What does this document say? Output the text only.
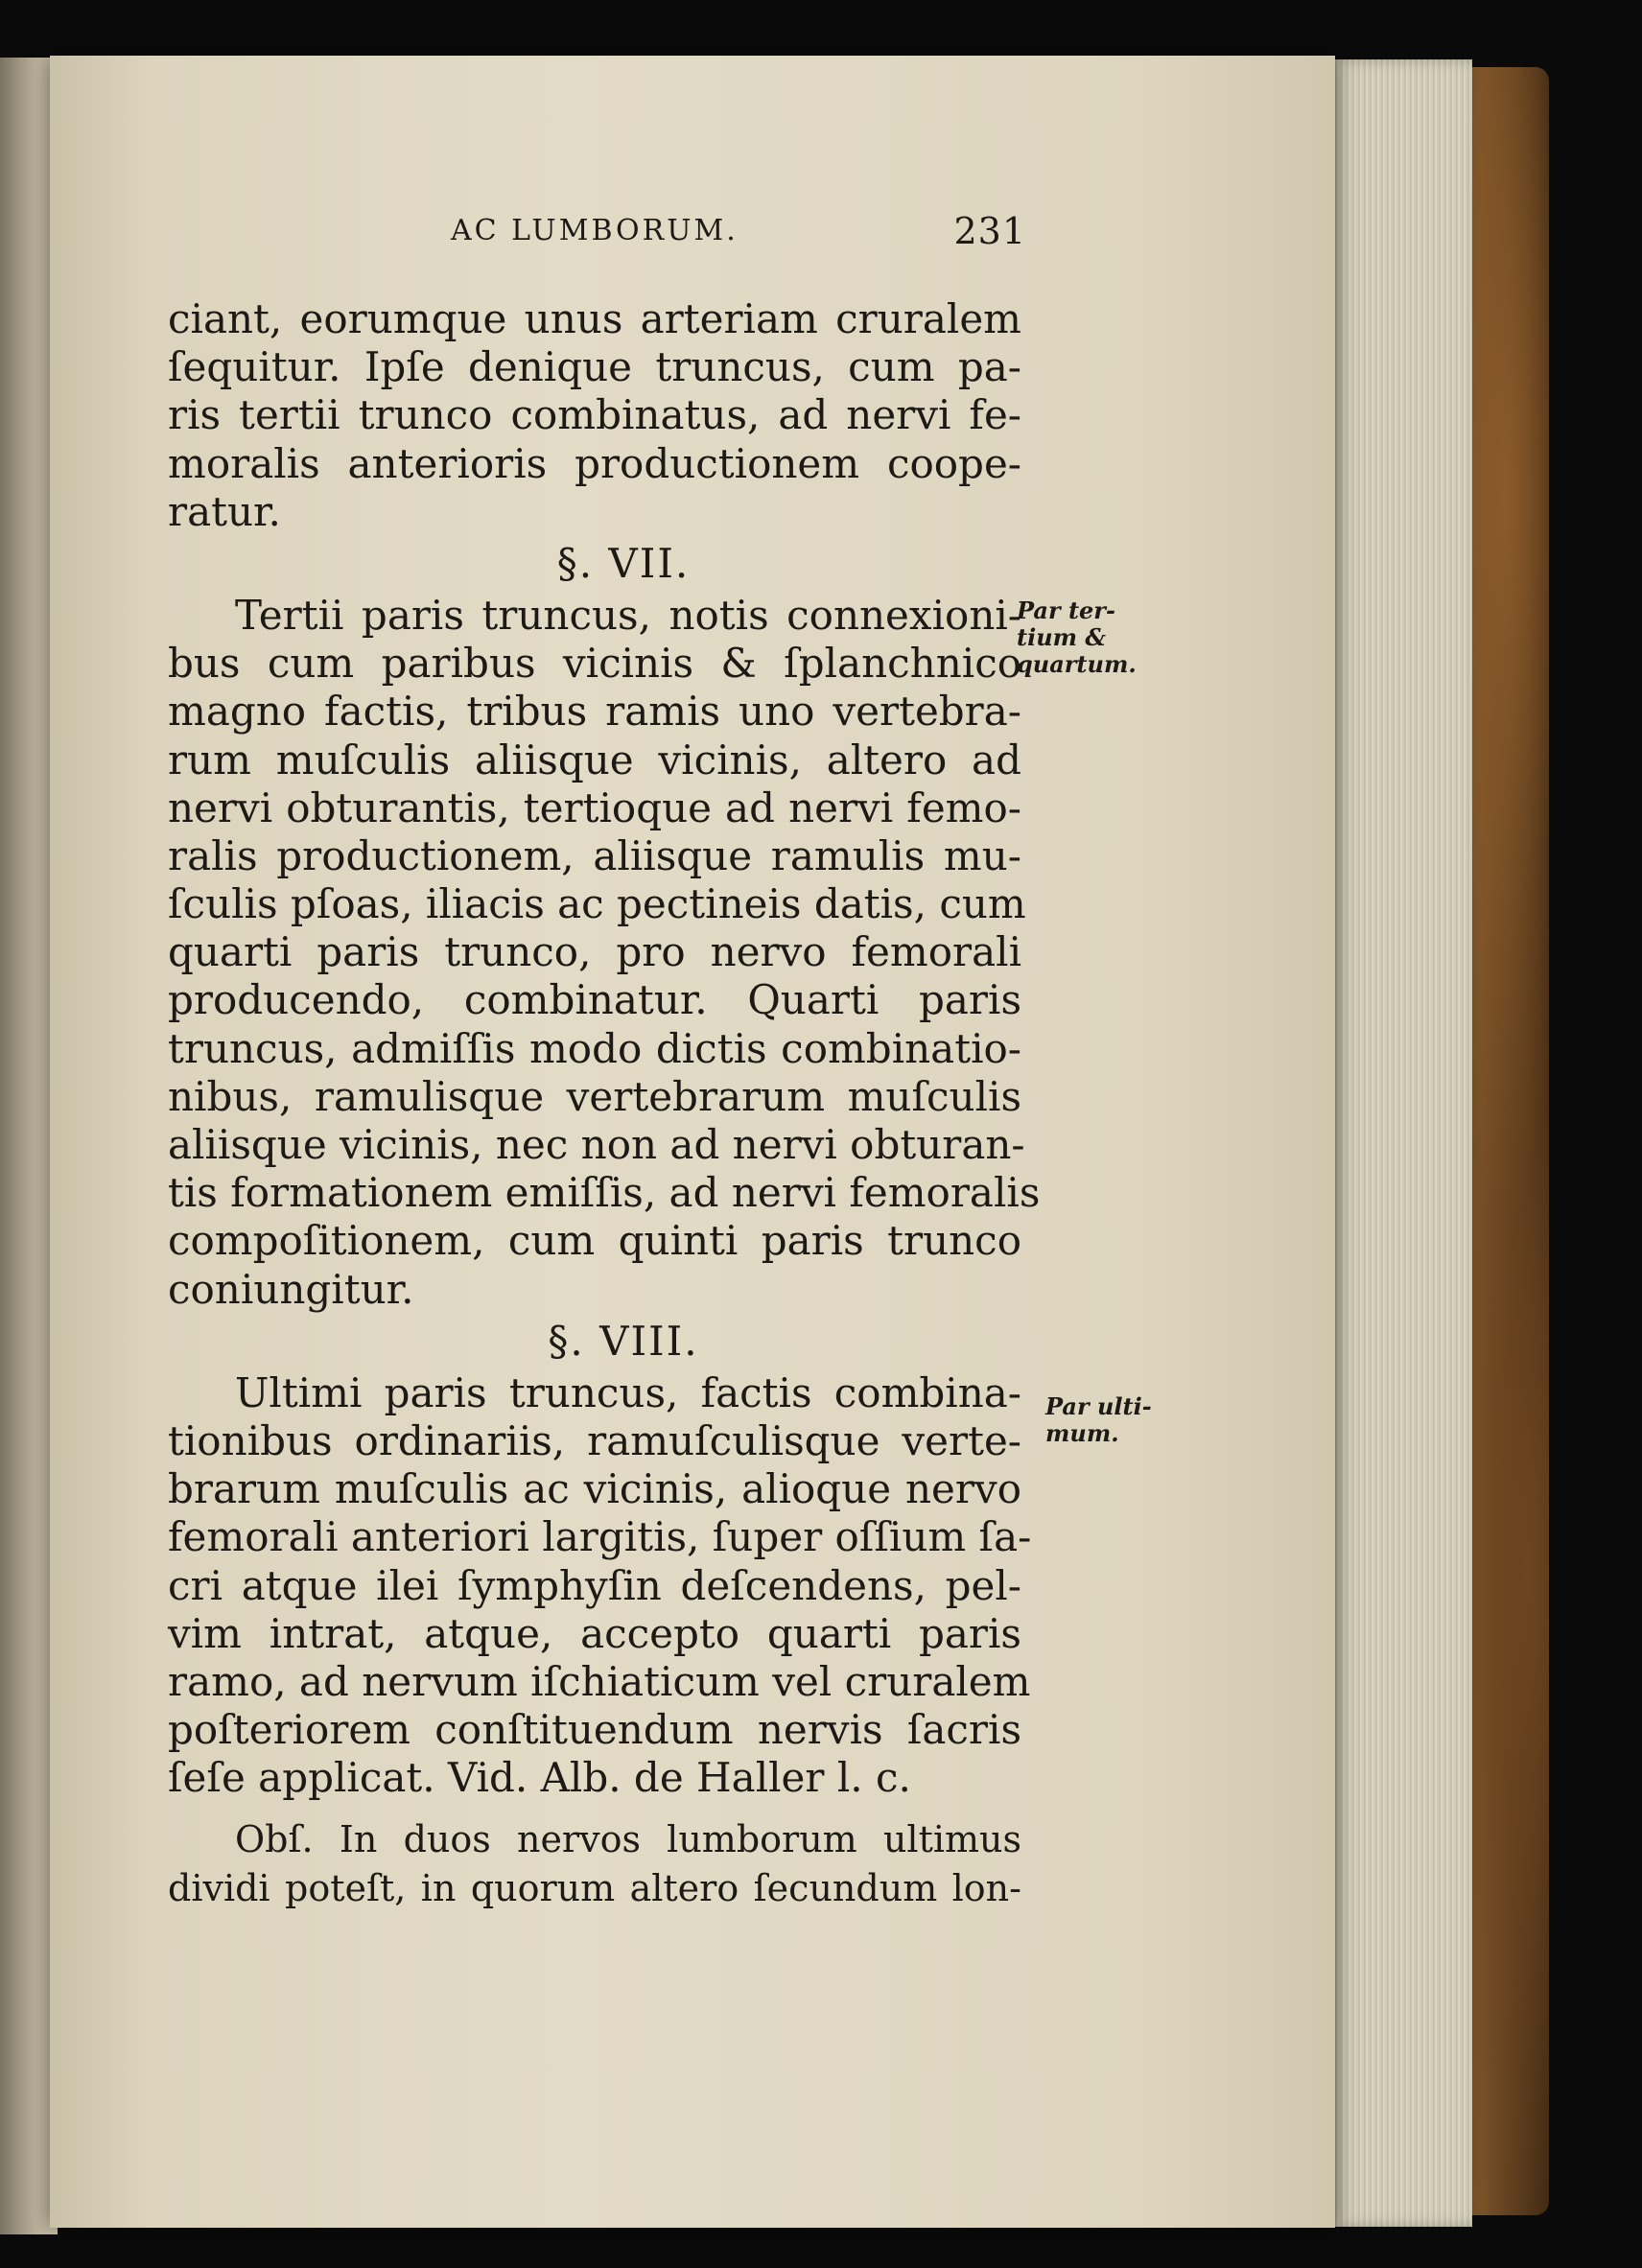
AC LUMBORUM.	231
ciant, eorumque unus arteriam cruralem
ſequitur. Ipſe denique truncus, cum pa-
ris tertii trunco combinatus, ad nervi fe-
moralis anterioris productionem coope-
ratur.
§. VII.
Tertii paris truncus, notis connexioni-
bus cum paribus vicinis & ſplanchnico
magno factis, tribus ramis uno vertebra-
rum muſculis aliisque vicinis, altero ad
nervi obturantis, tertioque ad nervi femo-
ralis productionem, aliisque ramulis mu-
ſculis pſoas, iliacis ac pectineis datis, cum
quarti paris trunco, pro nervo femorali
producendo, combinatur. Quarti paris
truncus, admiſſis modo dictis combinatio-
nibus, ramulisque vertebrarum muſculis
aliisque vicinis, nec non ad nervi obturan-
tis formationem emiſſis, ad nervi femoralis
compoſitionem, cum quinti paris trunco
coniungitur.
§. VIII.
Ultimi paris truncus, factis combina-
tionibus ordinariis, ramuſculisque verte-
brarum muſculis ac vicinis, alioque nervo
femorali anteriori largitis, ſuper oſſium ſa-
cri atque ilei ſymphyſin deſcendens, pel-
vim intrat, atque, accepto quarti paris
ramo, ad nervum iſchiaticum vel cruralem
poſteriorem conſtituendum nervis ſacris
ſeſe applicat. Vid. Alb. de Haller l. c.
Obſ. In duos nervos lumborum ultimus
dividi poteſt, in quorum altero ſecundum lon-
Par ter-
tium &
quartum.
Par ulti-
mum.
